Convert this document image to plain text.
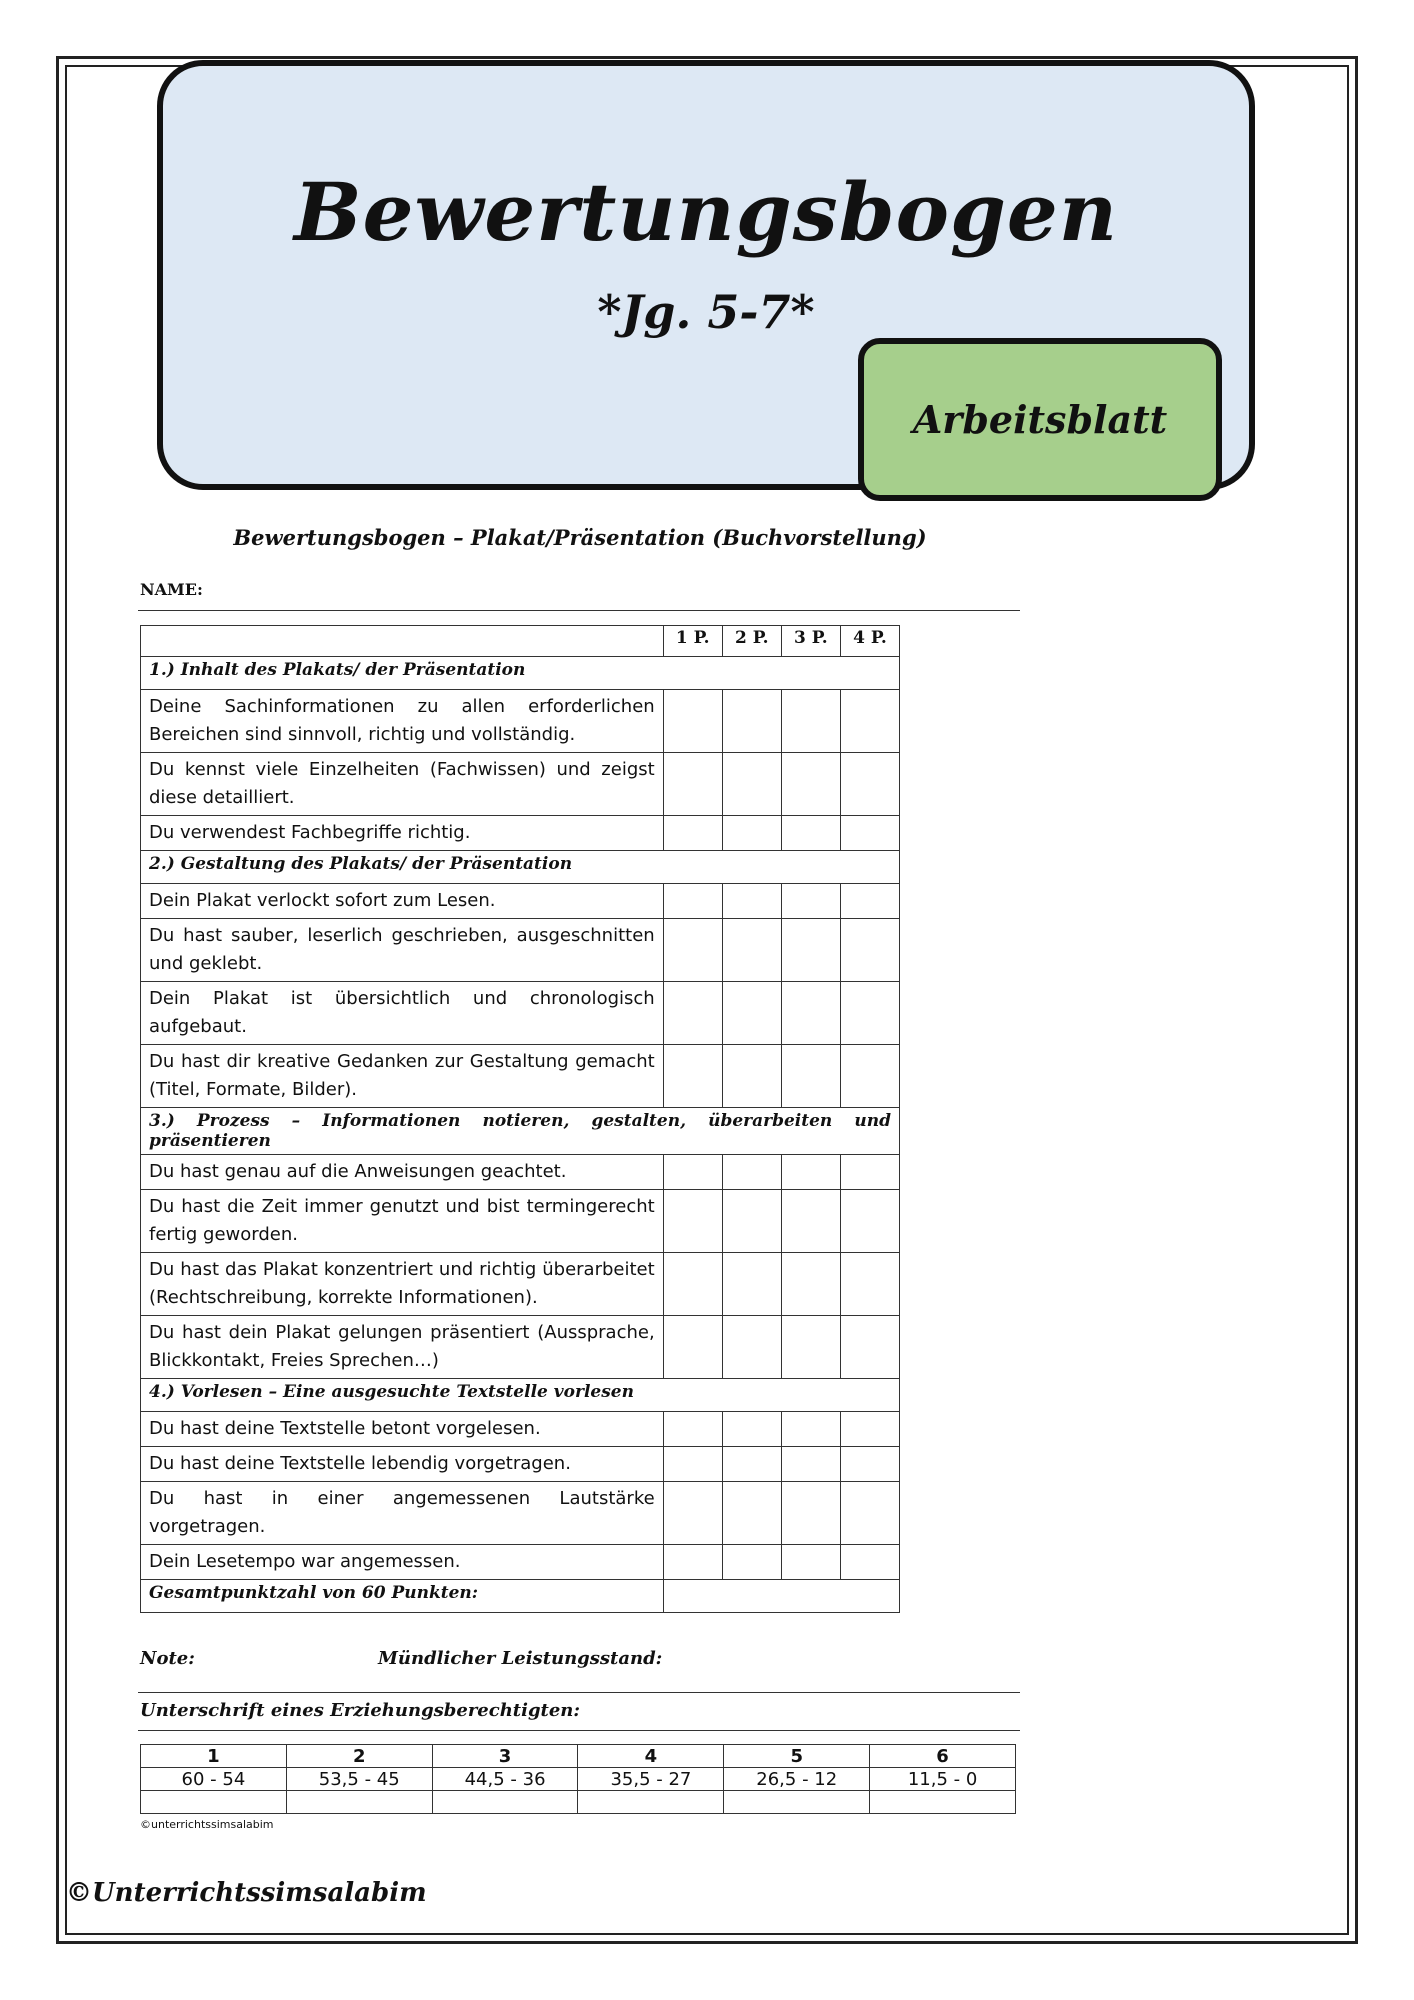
Bewertungsbogen
*Jg. 5-7*
Arbeitsblatt
Bewertungsbogen – Plakat/Präsentation (Buchvorstellung)
NAME:
	1 P.	2 P.	3 P.	4 P.
1.) Inhalt des Plakats/ der Präsentation				
Deine Sachinformationen zu allen erforderlichen Bereichen sind sinnvoll, richtig und vollständig.				
Du kennst viele Einzelheiten (Fachwissen) und zeigst diese detailliert.				
Du verwendest Fachbegriffe richtig.				
2.) Gestaltung des Plakats/ der Präsentation				
Dein Plakat verlockt sofort zum Lesen.				
Du hast sauber, leserlich geschrieben, ausgeschnitten und geklebt.				
Dein Plakat ist übersichtlich und chronologisch aufgebaut.				
Du hast dir kreative Gedanken zur Gestaltung gemacht (Titel, Formate, Bilder).				
3.) Prozess – Informationen notieren, gestalten, überarbeiten und präsentieren				
Du hast genau auf die Anweisungen geachtet.				
Du hast die Zeit immer genutzt und bist termingerecht fertig geworden.				
Du hast das Plakat konzentriert und richtig überarbeitet (Rechtschreibung, korrekte Informationen).				
Du hast dein Plakat gelungen präsentiert (Aussprache, Blickkontakt, Freies Sprechen…)				
4.) Vorlesen – Eine ausgesuchte Textstelle vorlesen				
Du hast deine Textstelle betont vorgelesen.				
Du hast deine Textstelle lebendig vorgetragen.				
Du hast in einer angemessenen Lautstärke vorgetragen.				
Dein Lesetempo war angemessen.				
Gesamtpunktzahl von 60 Punkten:				
Note:	Mündlicher Leistungsstand:
Unterschrift eines Erziehungsberechtigten:
1	2	3	4	5	6
60 - 54	53,5 - 45	44,5 - 36	35,5 - 27	26,5 - 12	11,5 - 0

©unterrichtssimsalabim
©Unterrichtssimsalabim
